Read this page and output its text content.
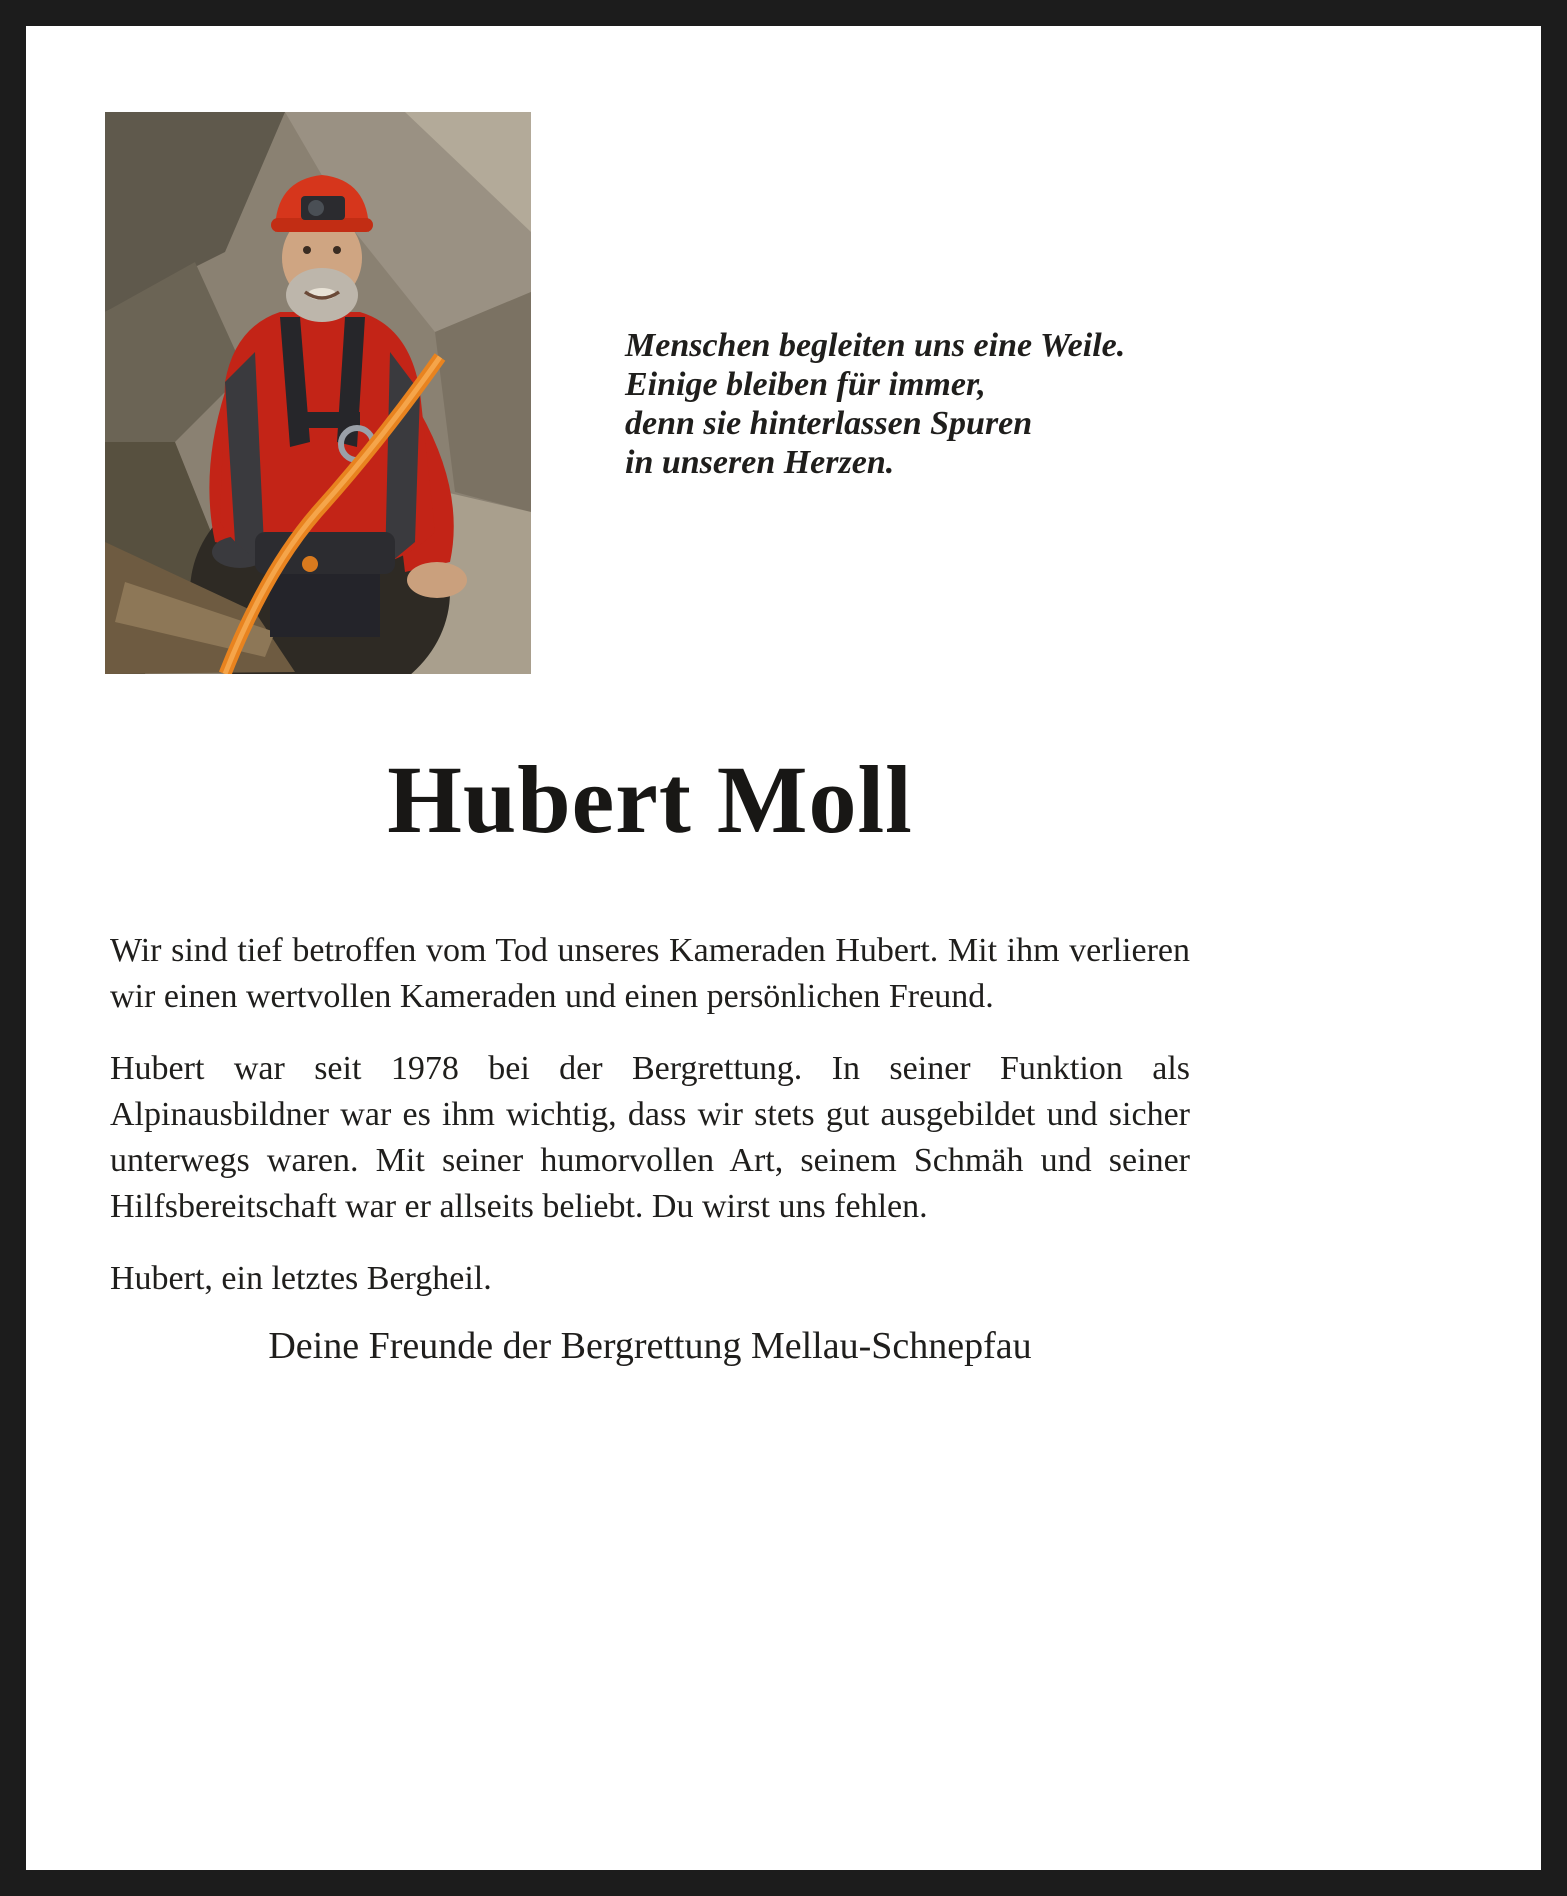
Menschen begleiten uns eine Weile.
Einige bleiben für immer,
denn sie hinterlassen Spuren
in unseren Herzen.
Hubert Moll

Wir sind tief betroffen vom Tod unseres Kameraden Hubert. Mit ihm verlieren wir einen wertvollen Kameraden und einen persönlichen Freund.

Hubert war seit 1978 bei der Bergrettung. In seiner Funktion als Alpinausbildner war es ihm wichtig, dass wir stets gut ausgebildet und sicher unterwegs waren. Mit seiner humorvollen Art, seinem Schmäh und seiner Hilfsbereitschaft war er allseits beliebt. Du wirst uns fehlen.

Hubert, ein letztes Bergheil.

Deine Freunde der Bergrettung Mellau-Schnepfau
